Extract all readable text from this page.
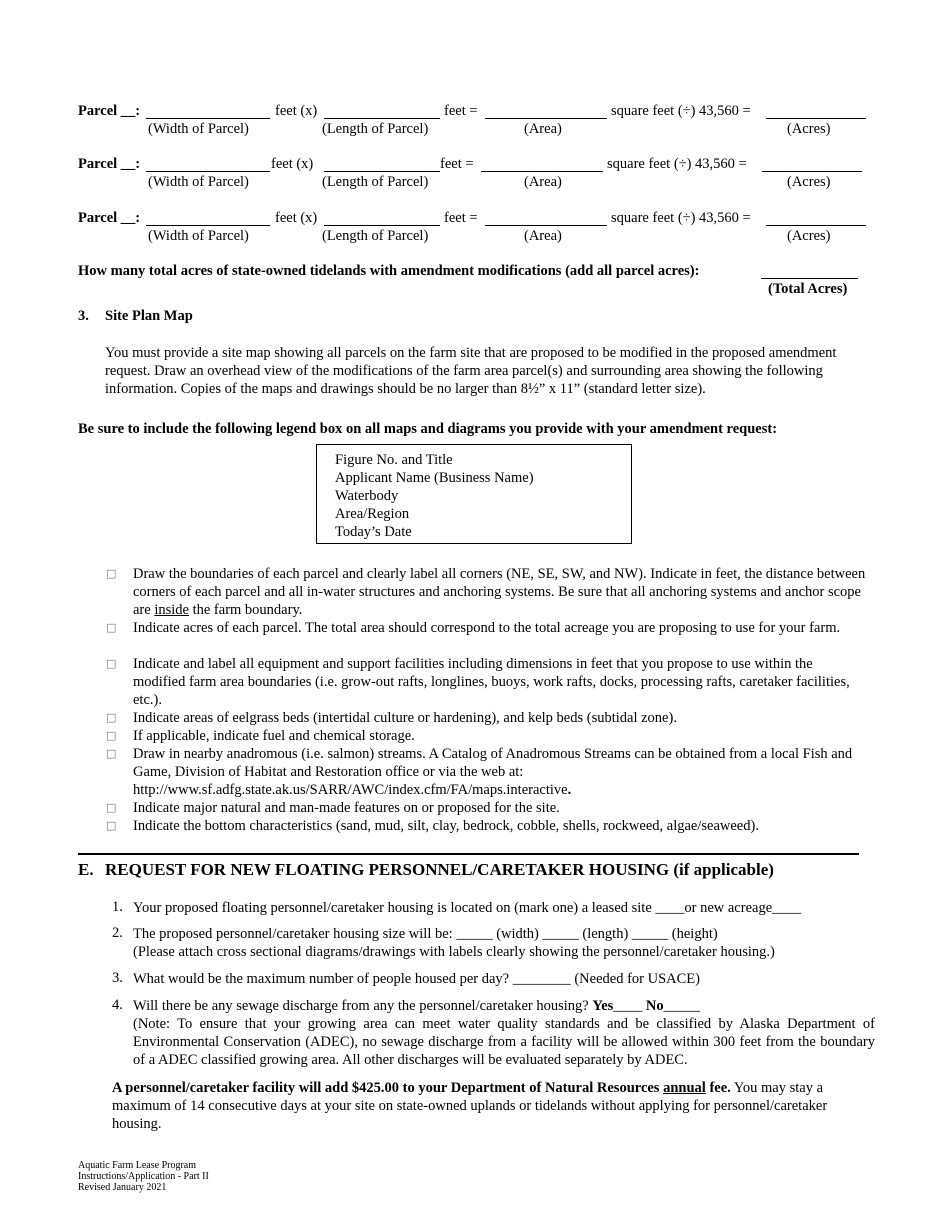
Parcel __:	feet (x)	feet =	square feet (÷) 43,560 =
(Width of Parcel)	(Length of Parcel)	(Area)	(Acres)
Parcel __:	feet (x)	feet =	square feet (÷) 43,560 =
(Width of Parcel)	(Length of Parcel)	(Area)	(Acres)
Parcel __:	feet (x)	feet =	square feet (÷) 43,560 =
(Width of Parcel)	(Length of Parcel)	(Area)	(Acres)
How many total acres of state-owned tidelands with amendment modifications (add all parcel acres):
(Total Acres)
3. Site Plan Map
You must provide a site map showing all parcels on the farm site that are proposed to be modified in the proposed amendment request. Draw an overhead view of the modifications of the farm area parcel(s) and surrounding area showing the following information. Copies of the maps and drawings should be no larger than 8½” x 11” (standard letter size).
Be sure to include the following legend box on all maps and diagrams you provide with your amendment request:
Figure No. and Title
Applicant Name (Business Name)
Waterbody
Area/Region
Today’s Date
□ Draw the boundaries of each parcel and clearly label all corners (NE, SE, SW, and NW). Indicate in feet, the distance between corners of each parcel and all in-water structures and anchoring systems. Be sure that all anchoring systems and anchor scope are inside the farm boundary.
□ Indicate acres of each parcel. The total area should correspond to the total acreage you are proposing to use for your farm.
□ Indicate and label all equipment and support facilities including dimensions in feet that you propose to use within the modified farm area boundaries (i.e. grow-out rafts, longlines, buoys, work rafts, docks, processing rafts, caretaker facilities, etc.).
□ Indicate areas of eelgrass beds (intertidal culture or hardening), and kelp beds (subtidal zone).
□ If applicable, indicate fuel and chemical storage.
□ Draw in nearby anadromous (i.e. salmon) streams. A Catalog of Anadromous Streams can be obtained from a local Fish and Game, Division of Habitat and Restoration office or via the web at:
http://www.sf.adfg.state.ak.us/SARR/AWC/index.cfm/FA/maps.interactive.
□ Indicate major natural and man-made features on or proposed for the site.
□ Indicate the bottom characteristics (sand, mud, silt, clay, bedrock, cobble, shells, rockweed, algae/seaweed).
E. REQUEST FOR NEW FLOATING PERSONNEL/CARETAKER HOUSING (if applicable)
1. Your proposed floating personnel/caretaker housing is located on (mark one) a leased site ____or new acreage____
2. The proposed personnel/caretaker housing size will be: _____ (width) _____ (length) _____ (height)
(Please attach cross sectional diagrams/drawings with labels clearly showing the personnel/caretaker housing.)
3. What would be the maximum number of people housed per day? ________ (Needed for USACE)
4. Will there be any sewage discharge from any the personnel/caretaker housing? Yes____ No_____
(Note: To ensure that your growing area can meet water quality standards and be classified by Alaska Department of Environmental Conservation (ADEC), no sewage discharge from a facility will be allowed within 300 feet from the boundary of a ADEC classified growing area. All other discharges will be evaluated separately by ADEC.
A personnel/caretaker facility will add $425.00 to your Department of Natural Resources annual fee. You may stay a maximum of 14 consecutive days at your site on state-owned uplands or tidelands without applying for personnel/caretaker housing.
Aquatic Farm Lease Program
Instructions/Application - Part II
Revised January 2021
